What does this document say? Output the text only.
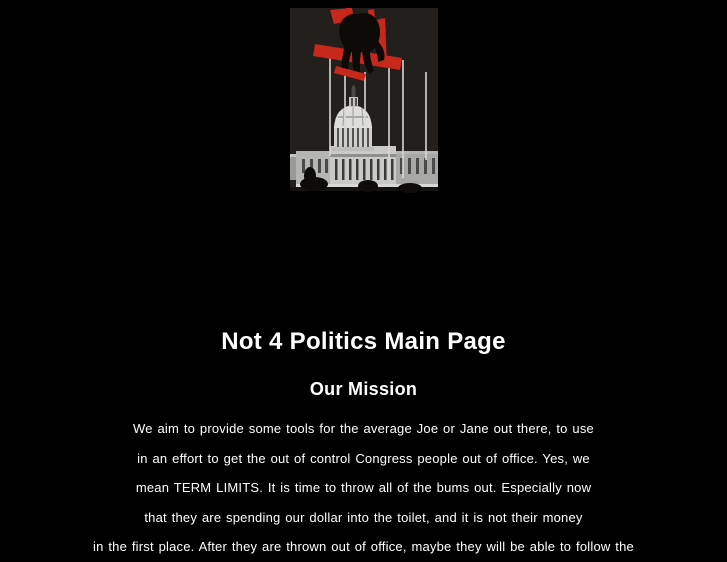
Not 4 Politics Main Page
Our Mission
We aim to provide some tools for the average Joe or Jane out there, to use
in an effort to get the out of control Congress people out of office. Yes, we
mean TERM LIMITS. It is time to throw all of the bums out. Especially now
that they are spending our dollar into the toilet, and it is not their money
in the first place. After they are thrown out of office, maybe they will be able to follow the
